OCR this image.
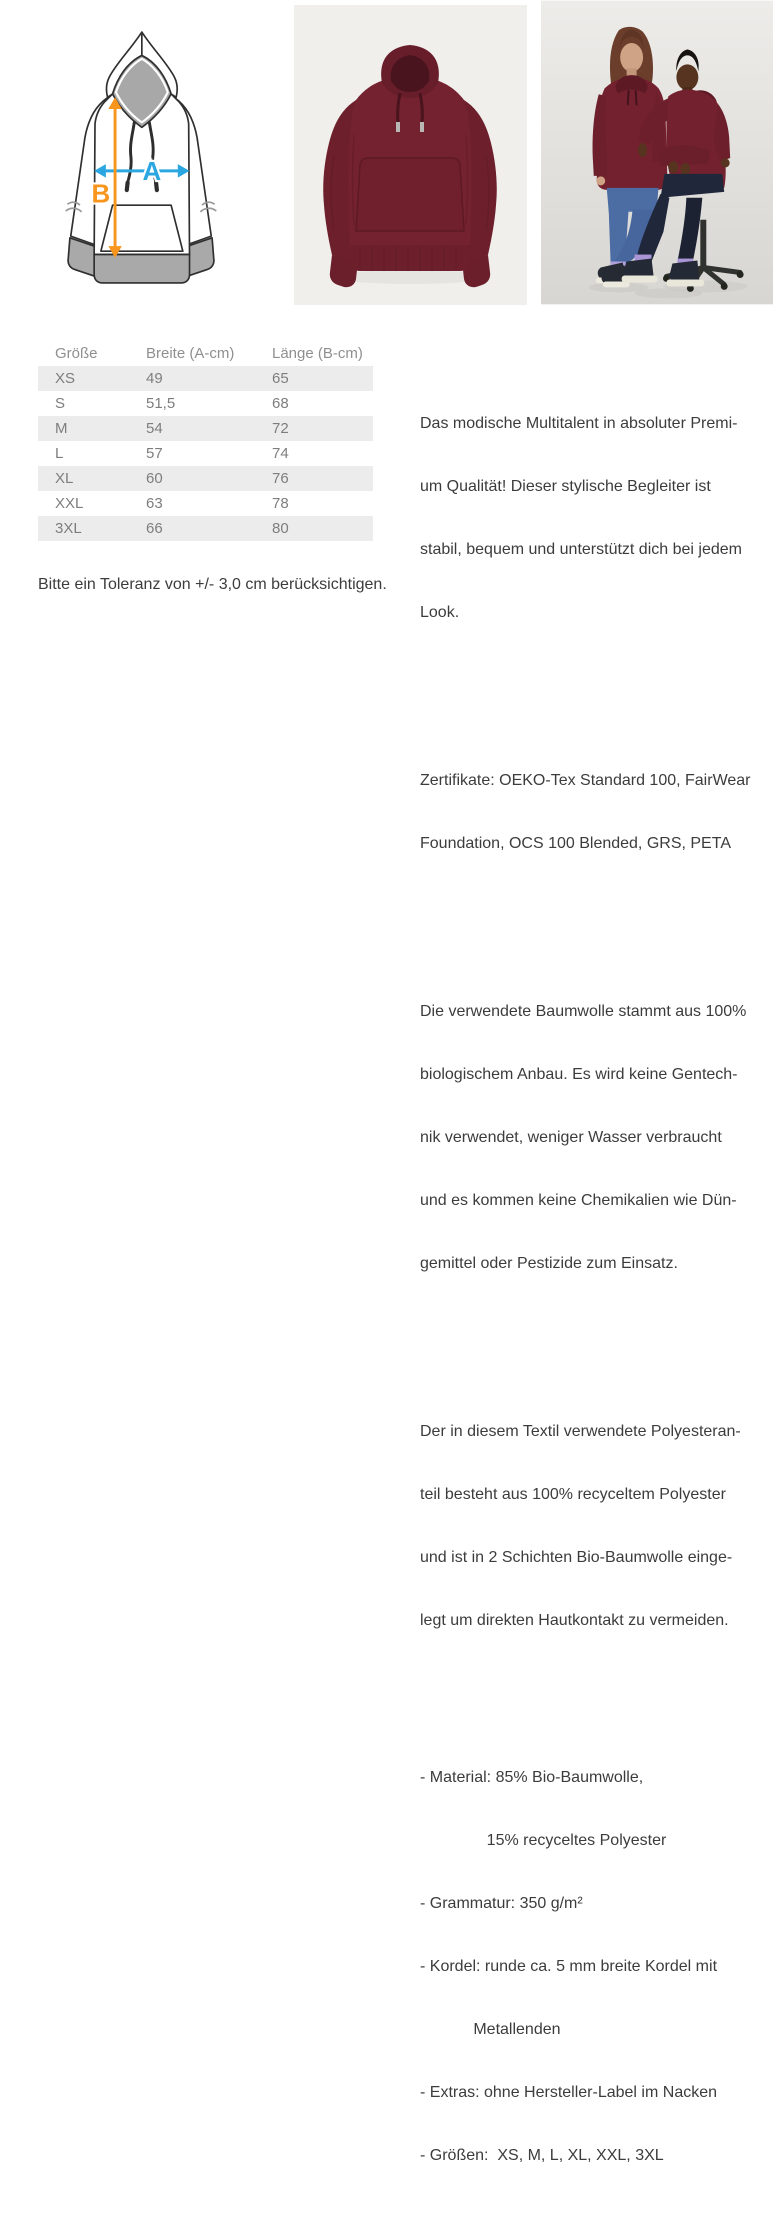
A
B
Größe	Breite (A-cm)	Länge (B-cm)
XS	49	65
S	51,5	68
M	54	72
L	57	74
XL	60	76
XXL	63	78
3XL	66	80
Bitte ein Toleranz von +/- 3,0 cm berücksichtigen.

Das modische Multitalent in absoluter Premi-

um Qualität! Dieser stylische Begleiter ist

stabil, bequem und unterstützt dich bei jedem

Look.

Zertifikate: OEKO-Tex Standard 100, FairWear

Foundation, OCS 100 Blended, GRS, PETA

Die verwendete Baumwolle stammt aus 100%

biologischem Anbau. Es wird keine Gentech-

nik verwendet, weniger Wasser verbraucht

und es kommen keine Chemikalien wie Dün-

gemittel oder Pestizide zum Einsatz.

Der in diesem Textil verwendete Polyesteran-

teil besteht aus 100% recyceltem Polyester

und ist in 2 Schichten Bio-Baumwolle einge-

legt um direkten Hautkontakt zu vermeiden.

- Material: 85% Bio-Baumwolle,

15% recyceltes Polyester

- Grammatur: 350 g/m²

- Kordel: runde ca. 5 mm breite Kordel mit

Metallenden

- Extras: ohne Hersteller-Label im Nacken

- Größen:  XS, M, L, XL, XXL, 3XL
